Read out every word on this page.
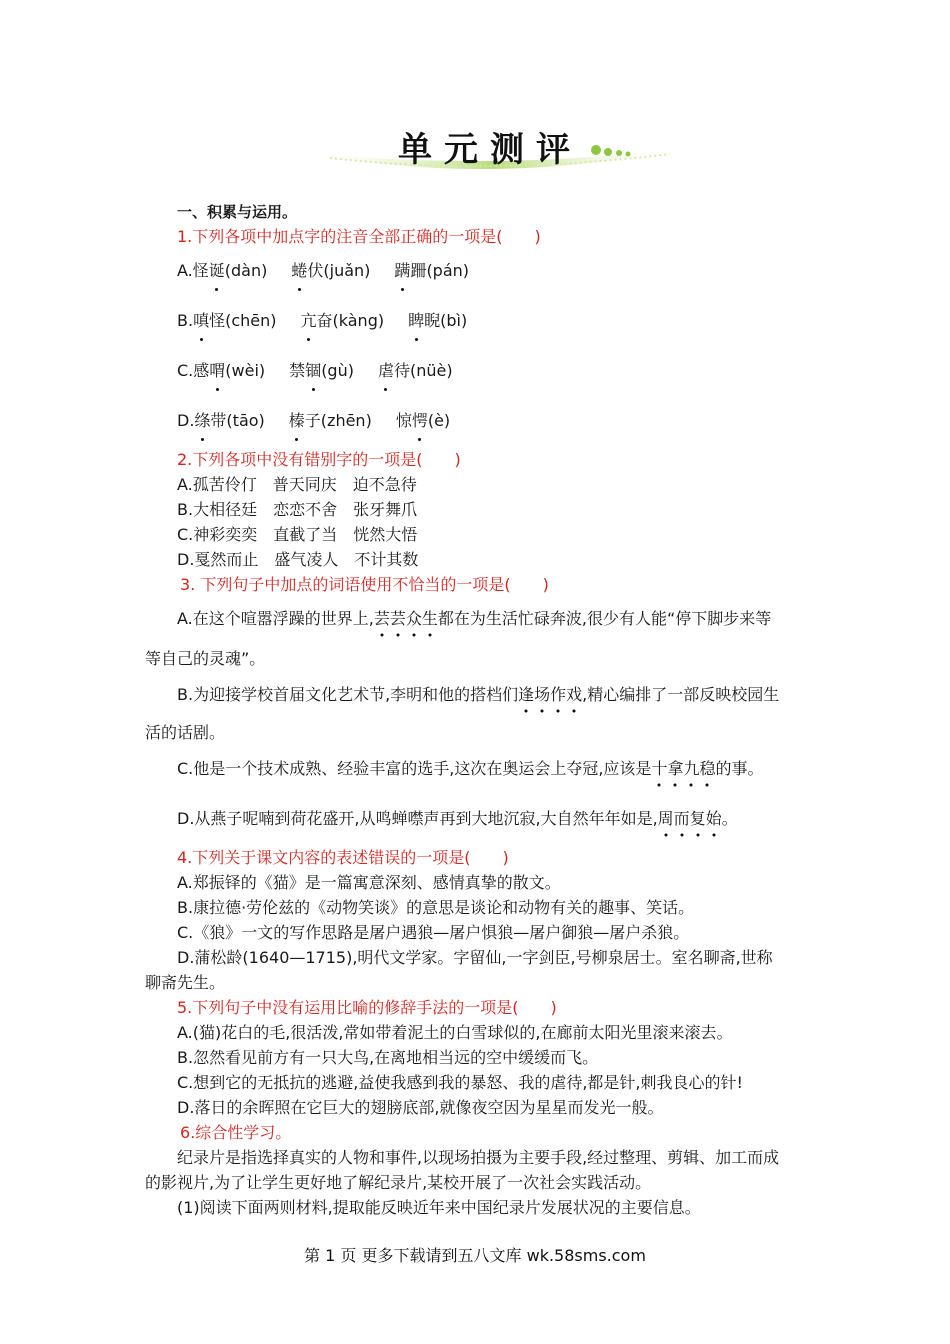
单元测评
一、积累与运用。
1.下列各项中加点字的注音全部正确的一项是(　　)
A.怪诞(dàn) 蜷伏(juǎn) 蹒跚(pán)
B.嗔怪(chēn) 亢奋(kàng) 睥睨(bì)
C.感喟(wèi) 禁锢(gù) 虐待(nüè)
D.绦带(tāo) 榛子(zhēn) 惊愕(è)
2.下列各项中没有错别字的一项是(　　)
A.孤苦伶仃　普天同庆　迫不急待
B.大相径廷　恋恋不舍　张牙舞爪
C.神彩奕奕　直截了当　恍然大悟
D.戛然而止　盛气凌人　不计其数
3. 下列句子中加点的词语使用不恰当的一项是(　　)
A.在这个喧嚣浮躁的世界上,芸芸众生都在为生活忙碌奔波,很少有人能“停下脚步来等
等自己的灵魂”。
B.为迎接学校首届文化艺术节,李明和他的搭档们逢场作戏,精心编排了一部反映校园生
活的话剧。
C.他是一个技术成熟、经验丰富的选手,这次在奥运会上夺冠,应该是十拿九稳的事。
D.从燕子呢喃到荷花盛开,从鸣蝉噤声再到大地沉寂,大自然年年如是,周而复始。
4.下列关于课文内容的表述错误的一项是(　　)
A.郑振铎的《猫》是一篇寓意深刻、感情真挚的散文。
B.康拉德·劳伦兹的《动物笑谈》的意思是谈论和动物有关的趣事、笑话。
C.《狼》一文的写作思路是屠户遇狼—屠户惧狼—屠户御狼—屠户杀狼。
D.蒲松龄(1640—1715),明代文学家。字留仙,一字剑臣,号柳泉居士。室名聊斋,世称
聊斋先生。
5.下列句子中没有运用比喻的修辞手法的一项是(　　)
A.(猫)花白的毛,很活泼,常如带着泥土的白雪球似的,在廊前太阳光里滚来滚去。
B.忽然看见前方有一只大鸟,在离地相当远的空中缓缓而飞。
C.想到它的无抵抗的逃避,益使我感到我的暴怒、我的虐待,都是针,刺我良心的针!
D.落日的余晖照在它巨大的翅膀底部,就像夜空因为星星而发光一般。
6.综合性学习。
纪录片是指选择真实的人物和事件,以现场拍摄为主要手段,经过整理、剪辑、加工而成
的影视片,为了让学生更好地了解纪录片,某校开展了一次社会实践活动。
(1)阅读下面两则材料,提取能反映近年来中国纪录片发展状况的主要信息。
第 1 页 更多下载请到五八文库 wk.58sms.com
